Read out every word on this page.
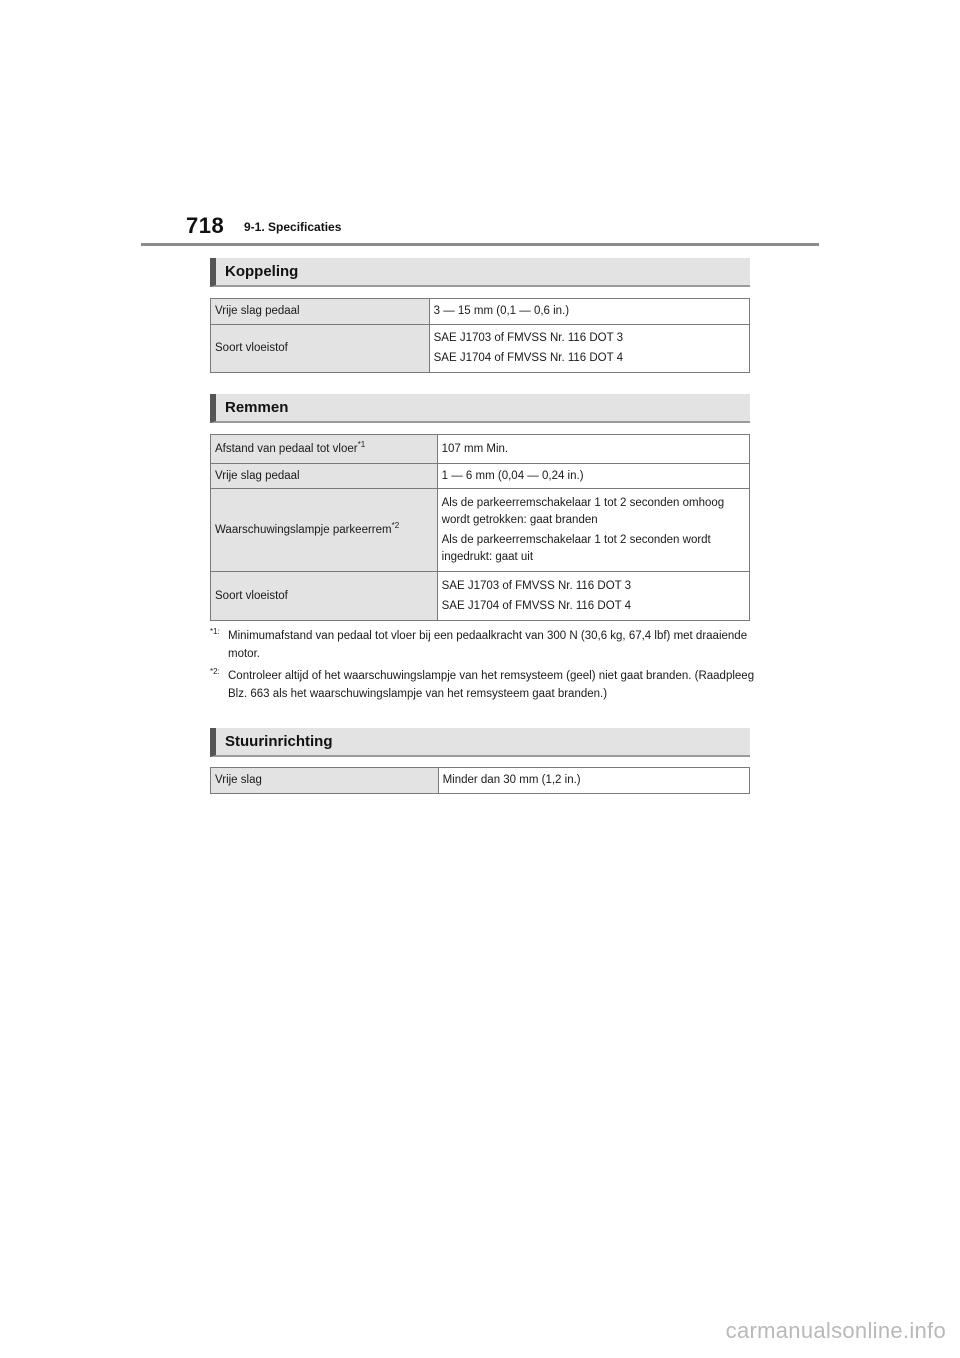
718 9-1. Specificaties
Koppeling
Vrije slag pedaal	3 — 15 mm (0,1 — 0,6 in.)

Soort vloeistof	SAE J1703 of FMVSS Nr. 116 DOT 3

SAE J1704 of FMVSS Nr. 116 DOT 4

Remmen
Afstand van pedaal tot vloer$^{*1}$	107 mm Min.

Vrije slag pedaal	1 — 6 mm (0,04 — 0,24 in.)

Waarschuwingslampje parkeerrem$^{*2}$	Als de parkeerremschakelaar 1 tot 2 seconden omhoog wordt getrokken: gaat branden

Als de parkeerremschakelaar 1 tot 2 seconden wordt ingedrukt: gaat uit

Soort vloeistof	SAE J1703 of FMVSS Nr. 116 DOT 3

SAE J1704 of FMVSS Nr. 116 DOT 4

$^{*1:}$ Minimumafstand van pedaal tot vloer bij een pedaalkracht van 300 N (30,6 kg, 67,4 lbf) met draaiende motor.
$^{*2:}$ Controleer altijd of het waarschuwingslampje van het remsysteem (geel) niet gaat branden. (Raadpleeg Blz. 663 als het waarschuwingslampje van het remsysteem gaat branden.)
Stuurinrichting
Vrije slag	Minder dan 30 mm (1,2 in.)

carmanualsonline.info
